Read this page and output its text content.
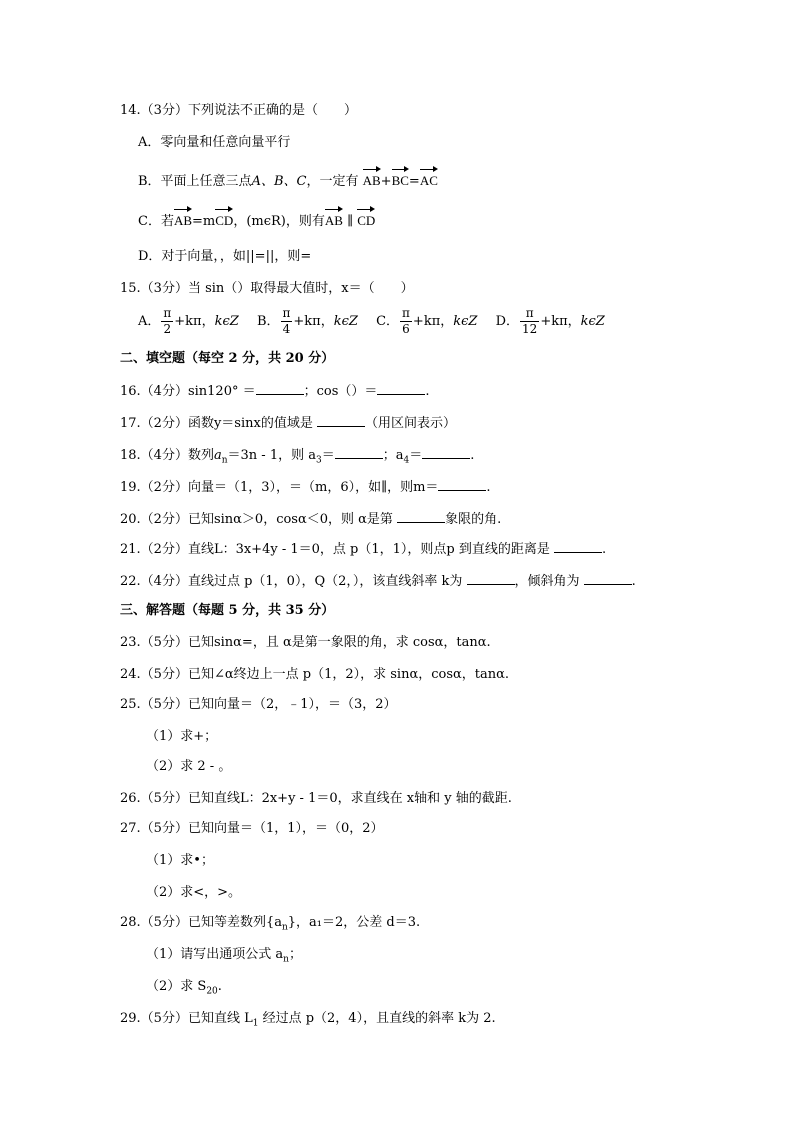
14.（3分）下列说法不正确的是（　　）
A．零向量和任意向量平行
B．平面上任意三点A、B、C，一定有 AB+BC=AC
C．若AB=mCD，(mϵR)，则有AB ∥ CD
D．对于向量，，如||=||，则=
15.（3分）当 sin（）取得最大值时，x＝（　　）
A． $\frac{\pi}{2} +k\pi$，kϵZ B． $\frac{\pi}{4} +k\pi$，kϵZ C． $\frac{\pi}{6} +k\pi$，kϵZ D． $\frac{\pi}{12} +k\pi$，kϵZ
二、填空题（每空 2 分，共 20 分）
16.（4分）sin120° ＝	；cos（）＝	.
17.（2分）函数y＝sinx的值域是	（用区间表示）
18.（4分）数列$a_n=3n - 1$，则 $a_3=$	；$a_4=$	.
19.（2分）向量＝（1，3），＝（m，6），如∥，则m＝	.
20.（2分）已知sinα＞0，cosα＜0，则 α是第	象限的角.
21.（2分）直线L：3x+4y - 1＝0，点 p（1，1），则点p 到直线的距离是	.
22.（4分）直线过点 p（1，0），Q（2，），该直线斜率 k为	，倾斜角为	.
三、解答题（每题 5 分，共 35 分）
23.（5分）已知sinα=，且 α是第一象限的角，求 cosα，tanα.
24.（5分）已知∠α终边上一点 p（1，2），求 sinα，cosα，tanα.
25.（5分）已知向量＝（2，﹣1），＝（3，2）
（1）求+；
（2）求 2 - 。
26.（5分）已知直线L：2x+y - 1＝0，求直线在 x轴和 y 轴的截距.
27.（5分）已知向量＝（1，1），＝（0，2）
（1）求•；
（2）求<，>。
28.（5分）已知等差数列$\{a_n\}$，a₁＝2，公差 d＝3.
（1）请写出通项公式 $a_n$；
（2）求 $S_{20}$.
29.（5分）已知直线 $L_1$ 经过点 p（2，4），且直线的斜率 k为 2.
